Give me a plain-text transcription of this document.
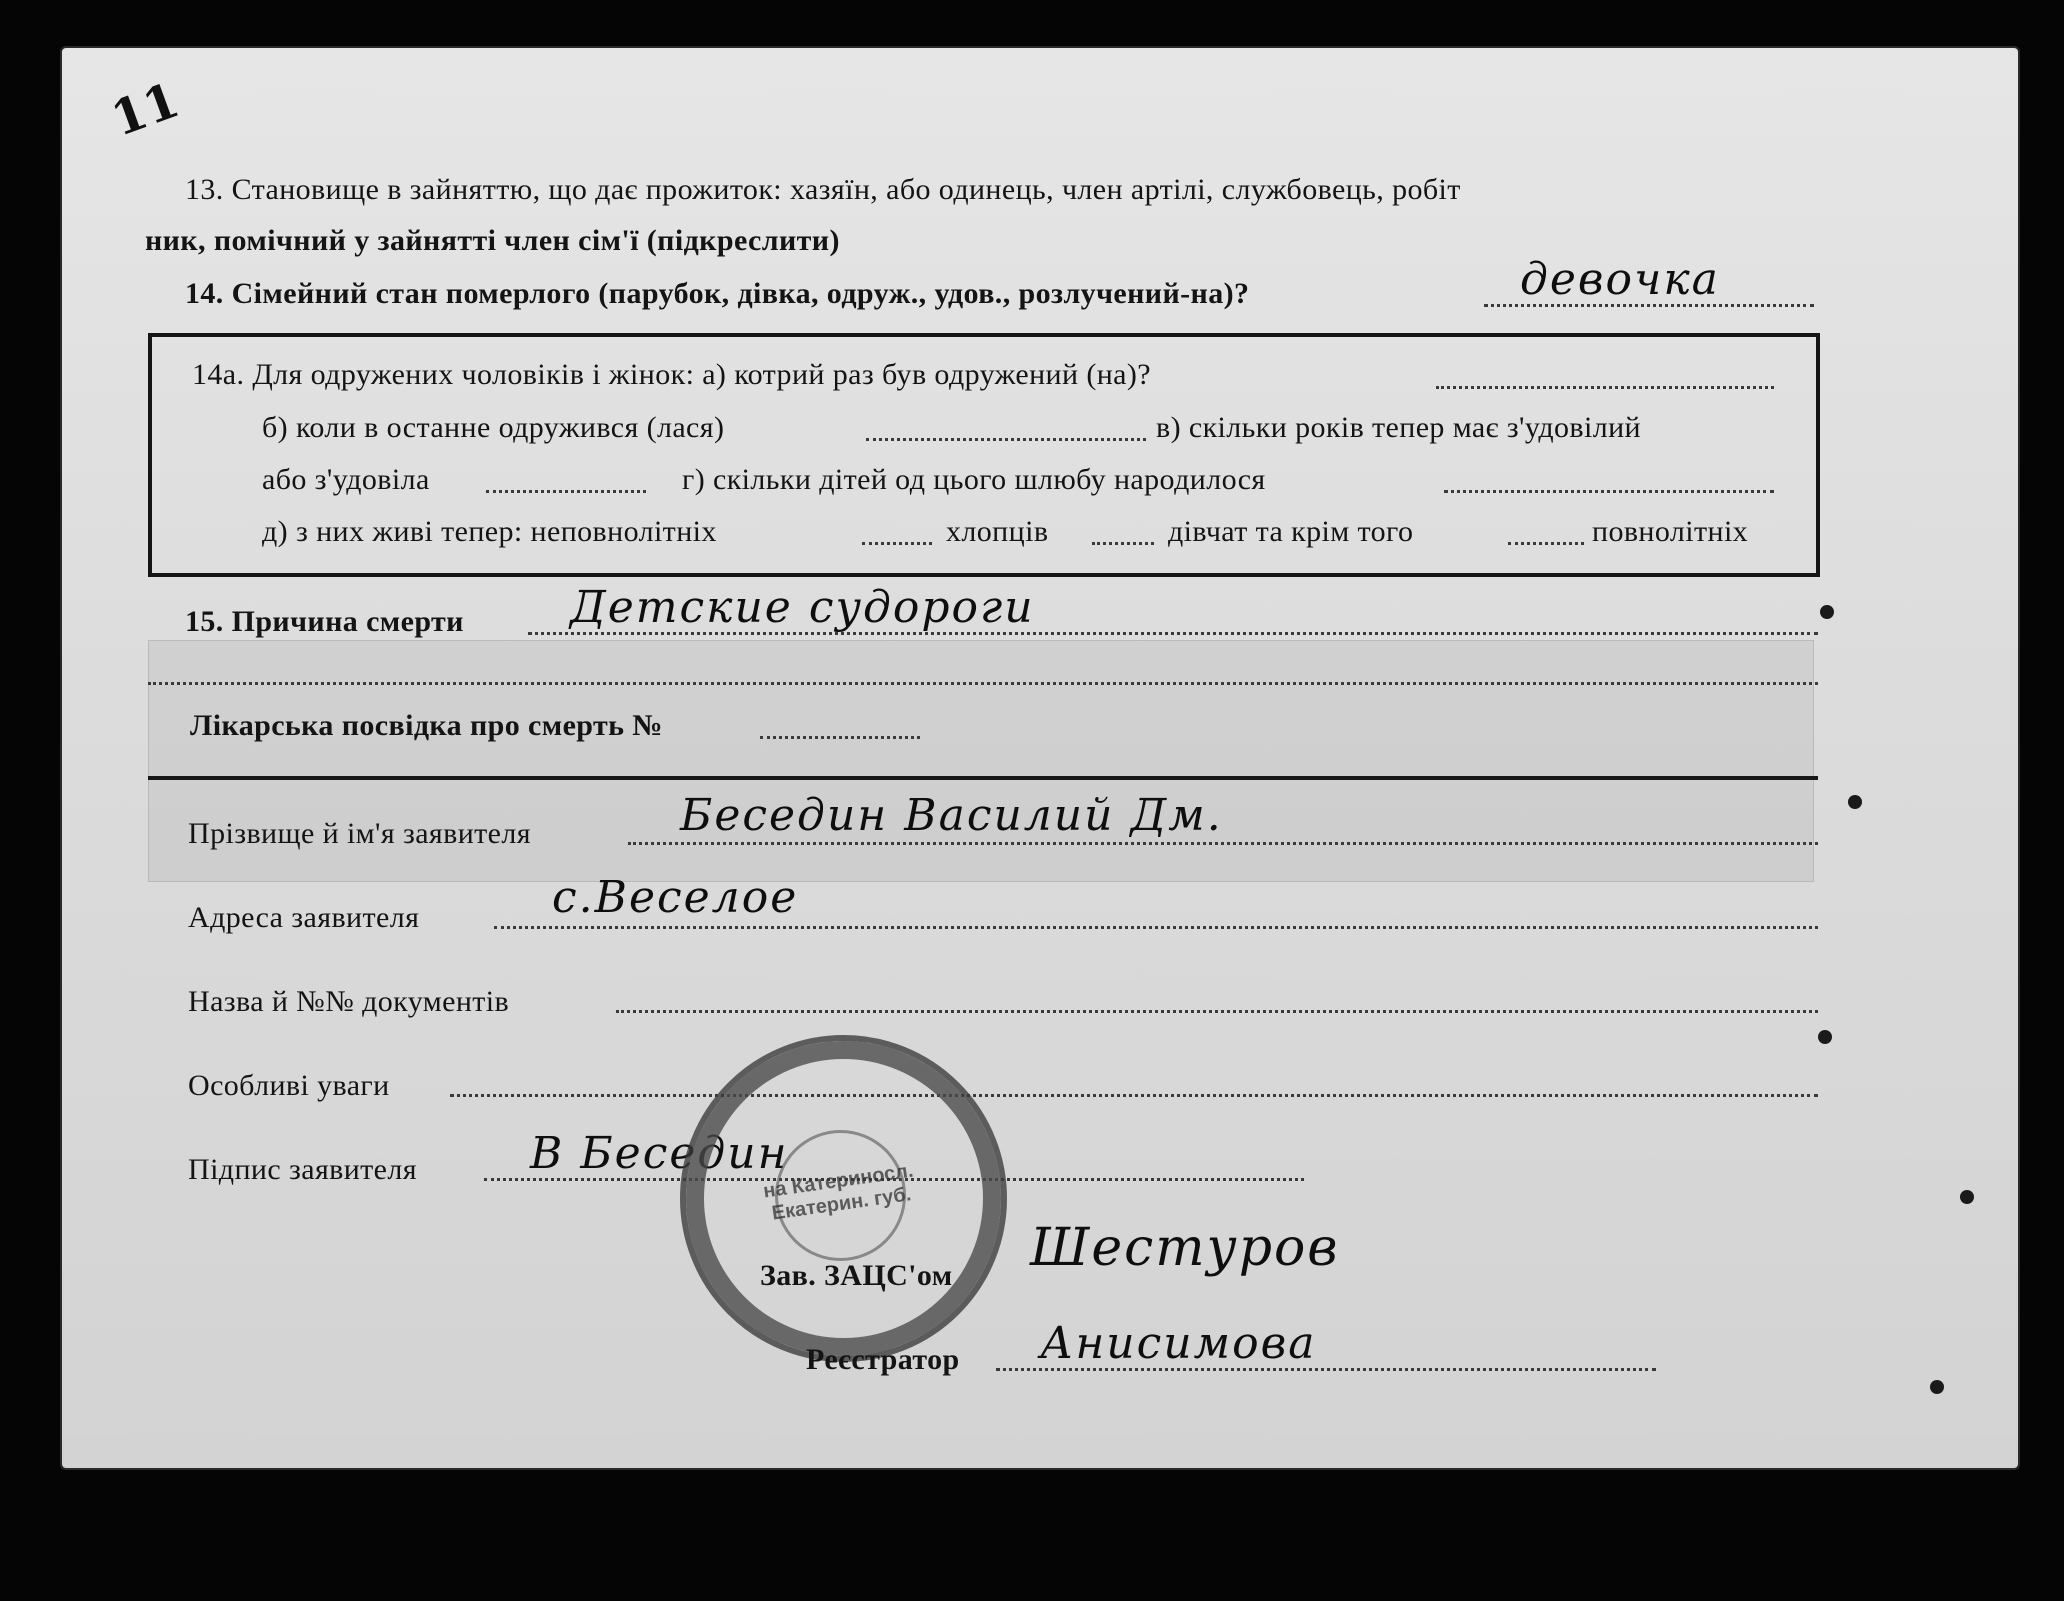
11
13. Становище в зайняттю, що дає прожиток: хазяїн, або одинець, член артілі, службовець, робіт
ник, помічний у зайнятті член сім'ї (підкреслити)
14. Сімейний стан померлого (парубок, дівка, одруж., удов., розлучений-на)?	девочка
14а. Для одружених чоловіків і жінок: а) котрий раз був одружений (на)?
б) коли в останне одружився (лася)	в) скільки років тепер має з'удовілий
або з'удовіла	г) скільки дітей од цього шлюбу народилося
д) з них живі тепер: неповнолітніх	хлопців	дівчат та крім того	повнолітніх
15. Причина смерти Детские судороги
Лікарська посвідка про смерть №
Прізвище й ім'я заявителя	Беседин Василий Дм.
Адреса заявителя	с.Веселое
Назва й №№ документів
Особливі уваги
Підпис заявителя	В Беседин
на Катериносл. Екатерин. губ.
Зав. ЗАЦС'ом Шестуров
Реєстратор Анисимова
